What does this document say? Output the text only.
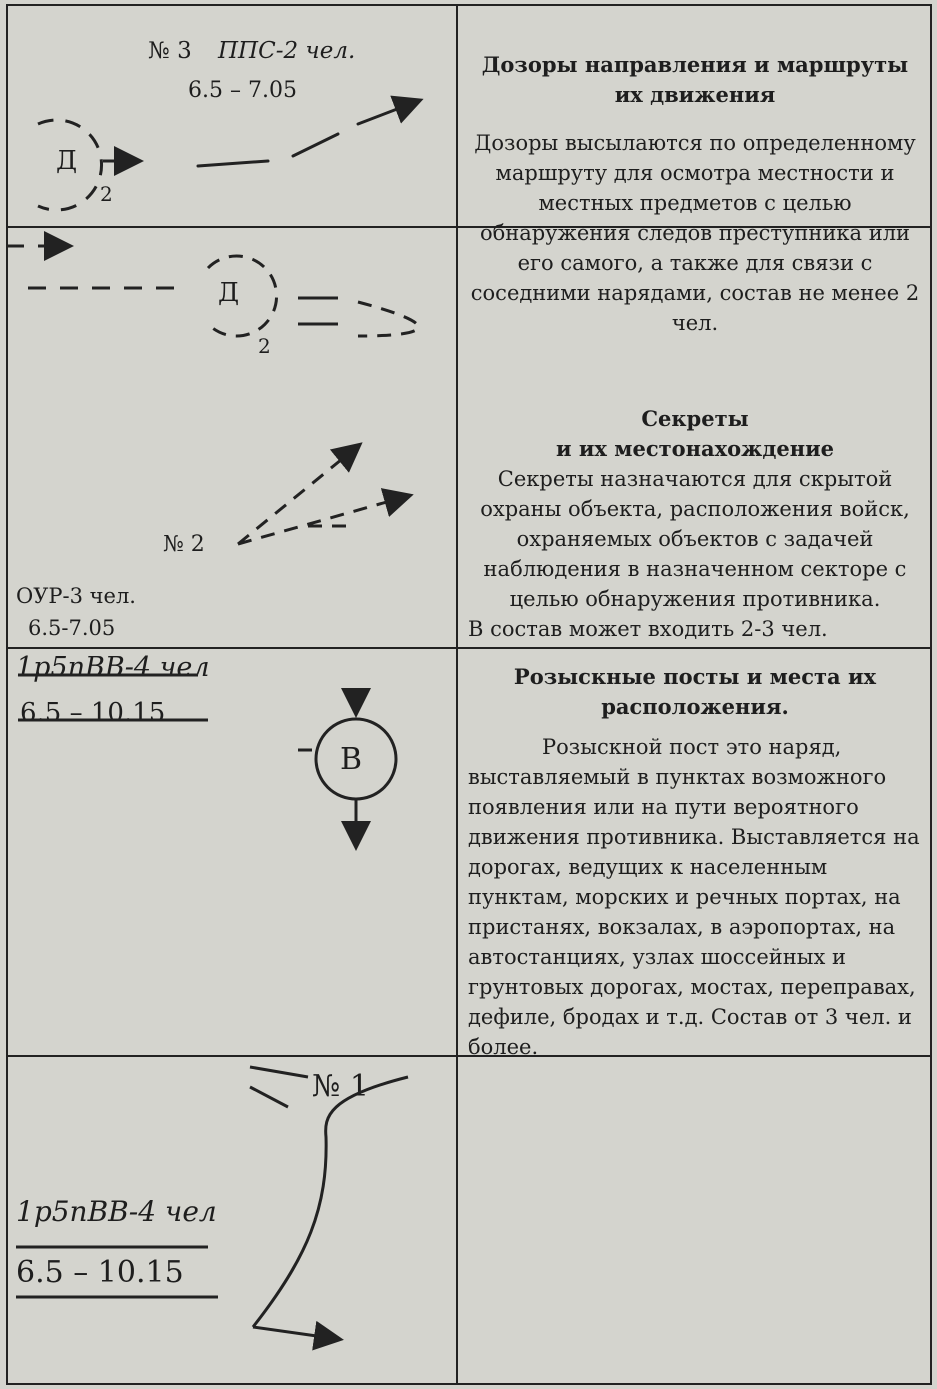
№ 3 ППС-2 чел.
6.5 – 7.05
Д
2
Д
2
Дозоры направления и маршруты их движения
Дозоры высылаются по определенному маршруту для осмотра местности и местных предметов с целью обнаружения следов преступника или его самого, а также для связи с соседними нарядами, состав не менее 2 чел.
№ 2
ОУР-3 чел.
6.5-7.05
Секреты
и их местонахождение
Секреты назначаются для скрытой охраны объекта, расположения войск, охраняемых объектов с задачей наблюдения в назначенном секторе с целью обнаружения противника.
В состав может входить 2-3 чел.
1р5пВВ-4 чел
6.5 – 10.15
В
Розыскные посты и места их расположения.
Розыскной пост это наряд, выставляемый в пунктах возможного появления или на пути вероятного движения противника. Выставляется на дорогах, ведущих к населенным пунктам, морских и речных портах, на пристанях, вокзалах, в аэропортах, на автостанциях, узлах шоссейных и грунтовых дорогах, мостах, переправах, дефиле, бродах и т.д. Состав от 3 чел. и более.
№ 1
1р5пВВ-4 чел
6.5 – 10.15
